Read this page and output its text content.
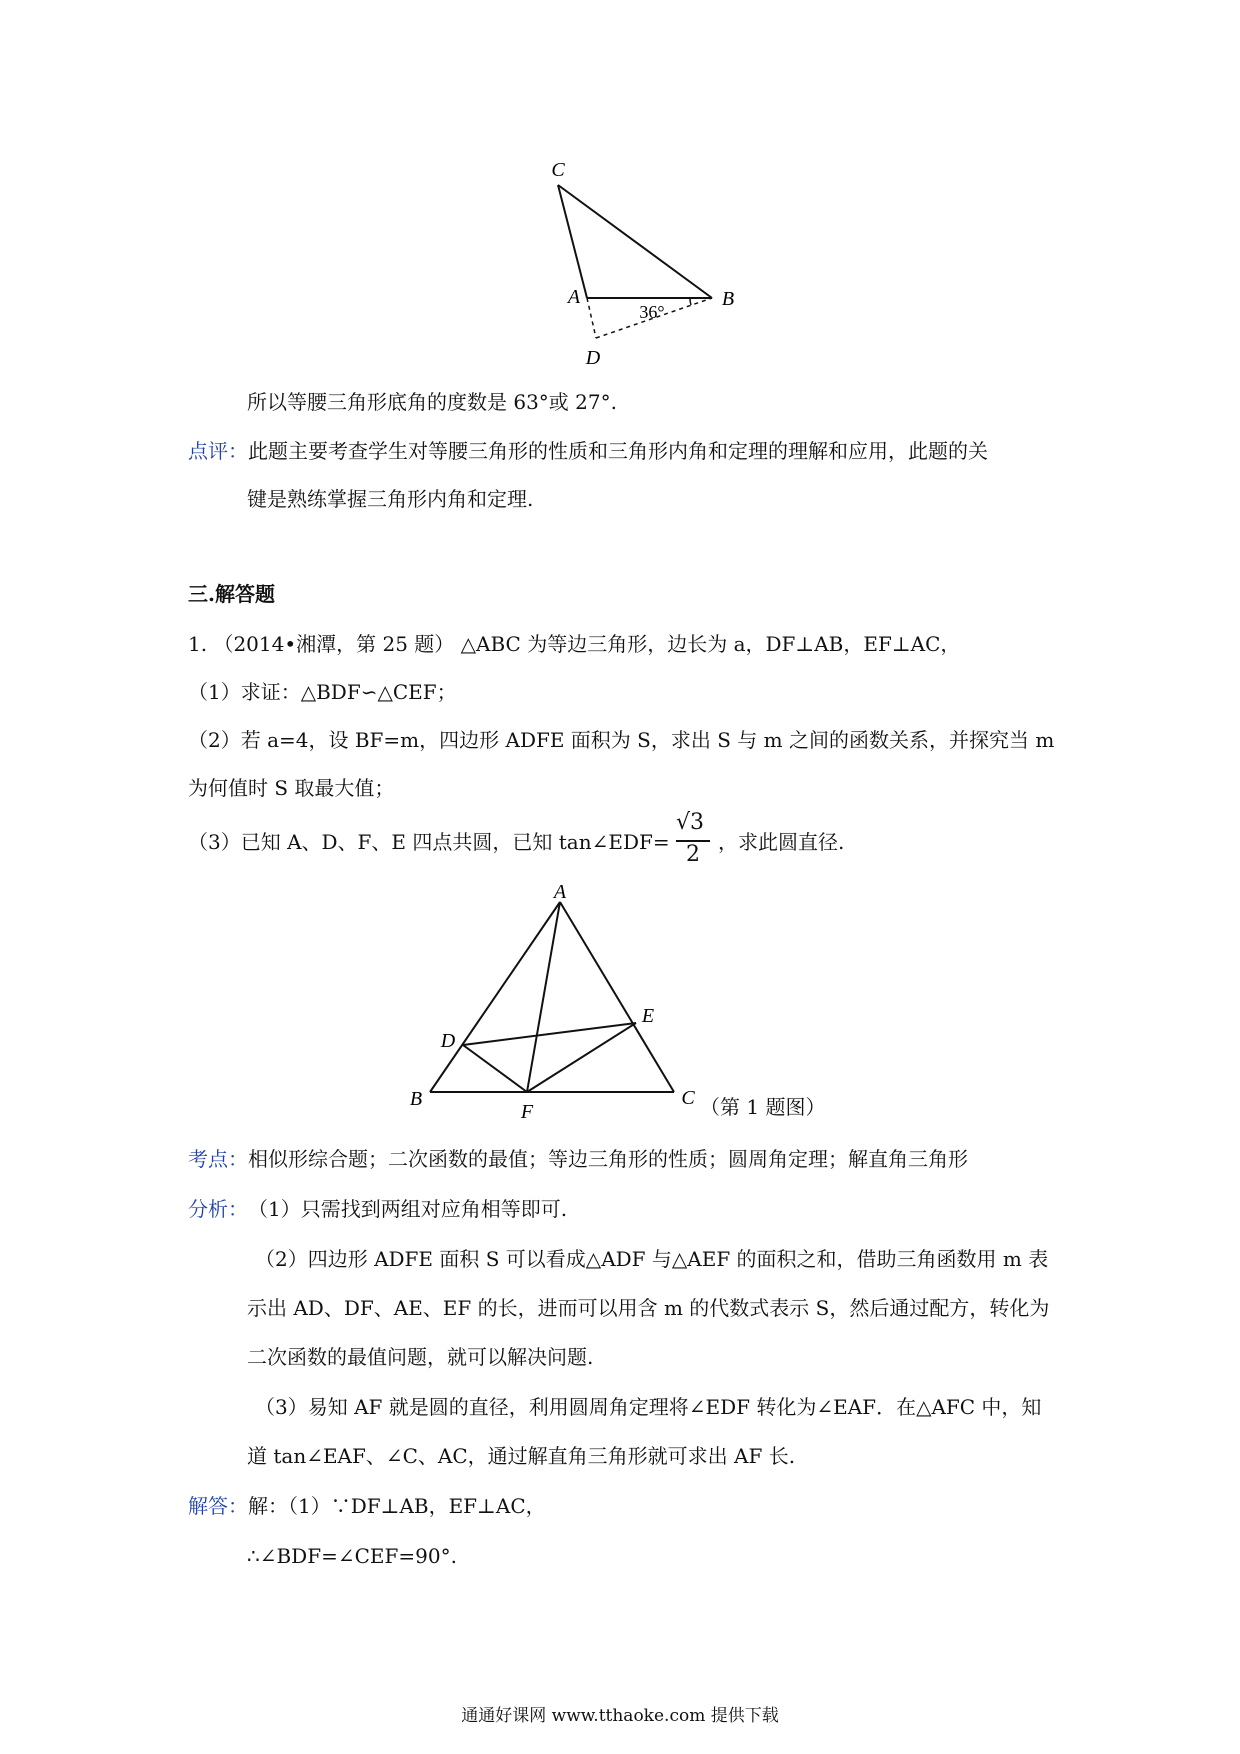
C
A	B
D
36°
所以等腰三角形底角的度数是 63°或 27°.
点评： 此题主要考查学生对等腰三角形的性质和三角形内角和定理的理解和应用，此题的关
键是熟练掌握三角形内角和定理.
三.解答题
1. （2014•湘潭，第 25 题） △ABC 为等边三角形，边长为 a，DF⊥AB，EF⊥AC，
（1）求证：△BDF∽△CEF；
（2）若 a=4，设 BF=m，四边形 ADFE 面积为 S，求出 S 与 m 之间的函数关系，并探究当 m
为何值时 S 取最大值；
（3）已知 A、D、F、E 四点共圆，已知 tan∠EDF=
√3
2 ，求此圆直径.
A
B	C
D
E
F	（第 1 题图）
考点： 相似形综合题；二次函数的最值；等边三角形的性质；圆周角定理；解直角三角形
分析： （1）只需找到两组对应角相等即可.
（2）四边形 ADFE 面积 S 可以看成△ADF 与△AEF 的面积之和，借助三角函数用 m 表
示出 AD、DF、AE、EF 的长，进而可以用含 m 的代数式表示 S，然后通过配方，转化为
二次函数的最值问题，就可以解决问题.
（3）易知 AF 就是圆的直径，利用圆周角定理将∠EDF 转化为∠EAF．在△AFC 中，知
道 tan∠EAF、∠C、AC，通过解直角三角形就可求出 AF 长.
解答： 解：（1）∵DF⊥AB，EF⊥AC，
∴∠BDF=∠CEF=90°.
通通好课网 www.tthaoke.com 提供下载
